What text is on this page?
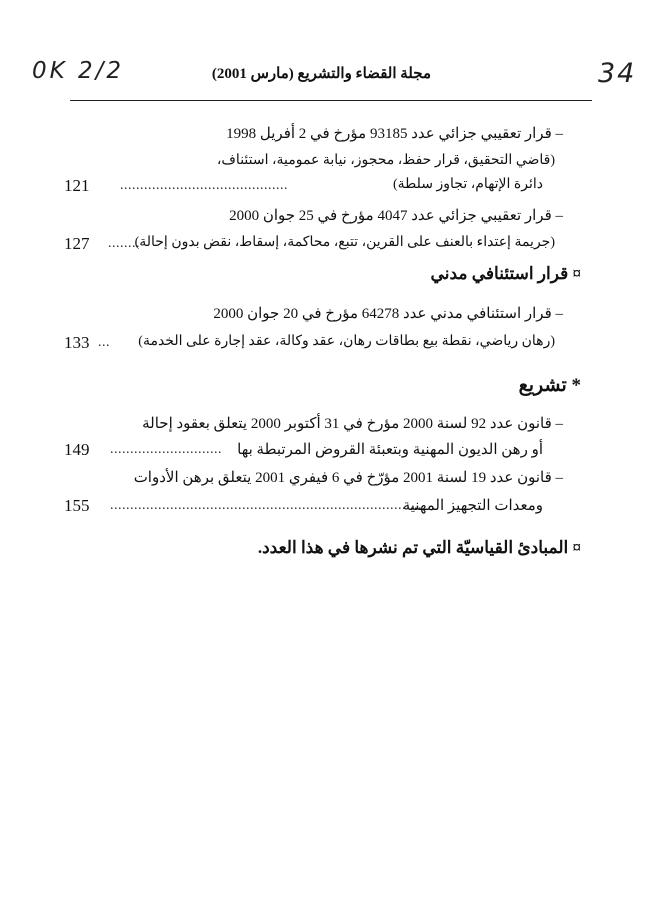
0K 2/2	34
مجلة القضاء والتشريع (مارس 2001)
– قرار تعقيبي جزائي عدد 93185 مؤرخ في 2 أفريل 1998
(قاضي التحقيق، قرار حفظ، محجوز، نيابة عمومية، استئناف،
دائرة الإتهام، تجاوز سلطة)
..........................................
121
– قرار تعقيبي جزائي عدد 4047 مؤرخ في 25 جوان 2000
(جريمة إعتداء بالعنف على القرين، تتبع، محاكمة، إسقاط، نقض بدون إحالة)
........
127
¤ قرار استئنافي مدني
– قرار استئنافي مدني عدد 64278 مؤرخ في 20 جوان 2000
(رهان رياضي، نقطة بيع بطاقات رهان، عقد وكالة، عقد إجارة على الخدمة)
...
133
* تشريع
– قانون عدد 92 لسنة 2000 مؤرخ في 31 أكتوبر 2000 يتعلق بعقود إحالة
أو رهن الديون المهنية وبتعبئة القروض المرتبطة بها
............................
149
– قانون عدد 19 لسنة 2001 مؤرّخ في 6 فيفري 2001 يتعلق برهن الأدوات
ومعدات التجهيز المهنية
..............................................................................
155
¤ المبادئ القياسيّة التي تم نشرها في هذا العدد.
